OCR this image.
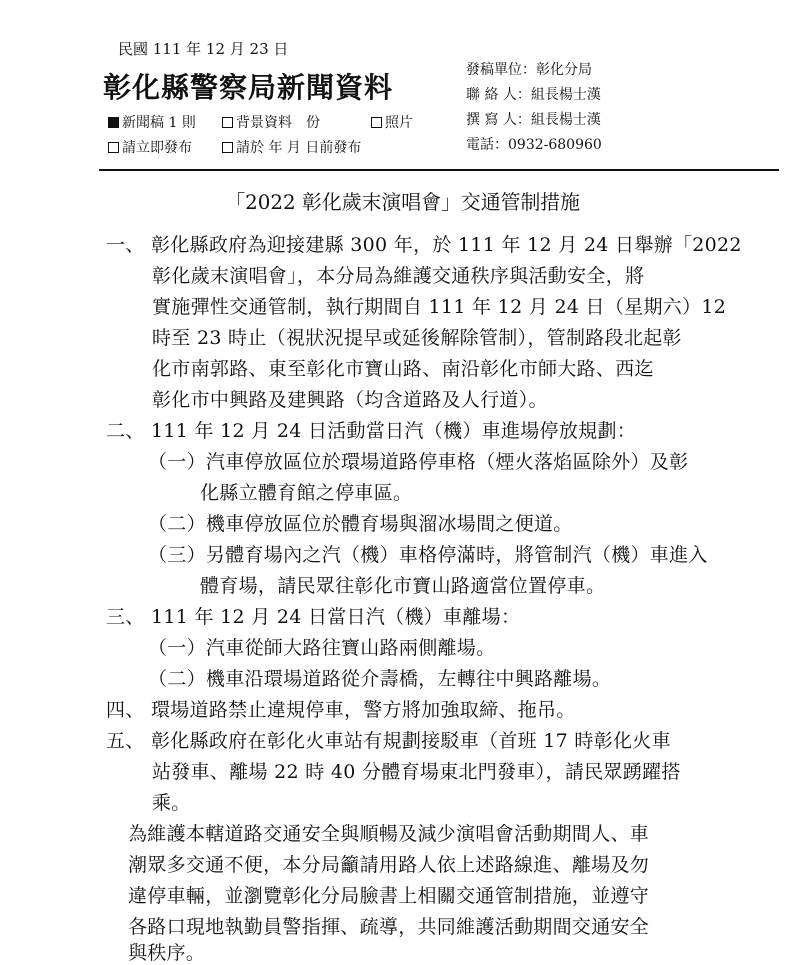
民國 111 年 12 月 23 日
彰化縣警察局新聞資料
新聞稿 1 則	背景資料　份	照片
請立即發布	請於 年 月 日前發布
發稿單位：彰化分局
聯 絡 人：組長楊士漢
撰 寫 人：組長楊士漢
電話：0932-680960
「2022 彰化歲末演唱會」交通管制措施
一、 彰化縣政府為迎接建縣 300 年，於 111 年 12 月 24 日舉辦「2022
彰化歲末演唱會」，本分局為維護交通秩序與活動安全，將
實施彈性交通管制，執行期間自 111 年 12 月 24 日（星期六）12
時至 23 時止（視狀況提早或延後解除管制），管制路段北起彰
化市南郭路、東至彰化市寶山路、南沿彰化市師大路、西迄
彰化市中興路及建興路（均含道路及人行道）。
二、 111 年 12 月 24 日活動當日汽（機）車進場停放規劃：
（一）汽車停放區位於環場道路停車格（煙火落焰區除外）及彰
化縣立體育館之停車區。
（二）機車停放區位於體育場與溜冰場間之便道。
（三）另體育場內之汽（機）車格停滿時，將管制汽（機）車進入
體育場，請民眾往彰化市寶山路適當位置停車。
三、 111 年 12 月 24 日當日汽（機）車離場：
（一）汽車從師大路往寶山路兩側離場。
（二）機車沿環場道路從介壽橋，左轉往中興路離場。
四、 環場道路禁止違規停車，警方將加強取締、拖吊。
五、 彰化縣政府在彰化火車站有規劃接駁車（首班 17 時彰化火車
站發車、離場 22 時 40 分體育場東北門發車），請民眾踴躍搭
乘。
為維護本轄道路交通安全與順暢及減少演唱會活動期間人、車
潮眾多交通不便，本分局籲請用路人依上述路線進、離場及勿
違停車輛，並瀏覽彰化分局臉書上相關交通管制措施，並遵守
各路口現地執勤員警指揮、疏導，共同維護活動期間交通安全
與秩序。
